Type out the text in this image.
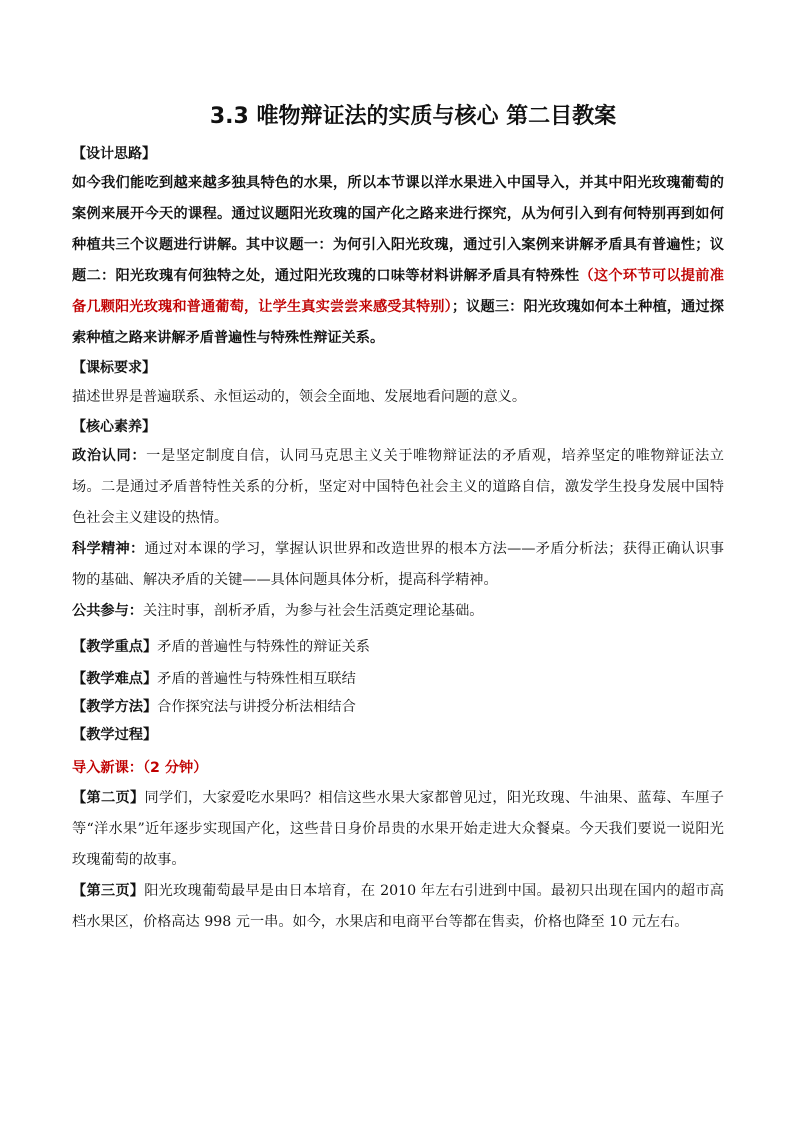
3.3 唯物辩证法的实质与核心 第二目教案

【设计思路】

如今我们能吃到越来越多独具特色的水果，所以本节课以洋水果进入中国导入，并其中阳光玫瑰葡萄的案例来展开今天的课程。通过议题阳光玫瑰的国产化之路来进行探究，从为何引入到有何特别再到如何种植共三个议题进行讲解。其中议题一：为何引入阳光玫瑰，通过引入案例来讲解矛盾具有普遍性；议题二：阳光玫瑰有何独特之处，通过阳光玫瑰的口味等材料讲解矛盾具有特殊性（这个环节可以提前准备几颗阳光玫瑰和普通葡萄，让学生真实尝尝来感受其特别）；议题三：阳光玫瑰如何本土种植，通过探索种植之路来讲解矛盾普遍性与特殊性辩证关系。

【课标要求】

描述世界是普遍联系、永恒运动的，领会全面地、发展地看问题的意义。

【核心素养】

政治认同：一是坚定制度自信，认同马克思主义关于唯物辩证法的矛盾观，培养坚定的唯物辩证法立场。二是通过矛盾普特性关系的分析，坚定对中国特色社会主义的道路自信，激发学生投身发展中国特色社会主义建设的热情。

科学精神：通过对本课的学习，掌握认识世界和改造世界的根本方法——矛盾分析法；获得正确认识事物的基础、解决矛盾的关键——具体问题具体分析，提高科学精神。

公共参与：关注时事，剖析矛盾，为参与社会生活奠定理论基础。

【教学重点】矛盾的普遍性与特殊性的辩证关系

【教学难点】矛盾的普遍性与特殊性相互联结

【教学方法】合作探究法与讲授分析法相结合

【教学过程】

导入新课：（2 分钟）

【第二页】同学们，大家爱吃水果吗？相信这些水果大家都曾见过，阳光玫瑰、牛油果、蓝莓、车厘子等“洋水果”近年逐步实现国产化，这些昔日身价昂贵的水果开始走进大众餐桌。今天我们要说一说阳光玫瑰葡萄的故事。

【第三页】阳光玫瑰葡萄最早是由日本培育，在 2010 年左右引进到中国。最初只出现在国内的超市高档水果区，价格高达 998 元一串。如今，水果店和电商平台等都在售卖，价格也降至 10 元左右。
